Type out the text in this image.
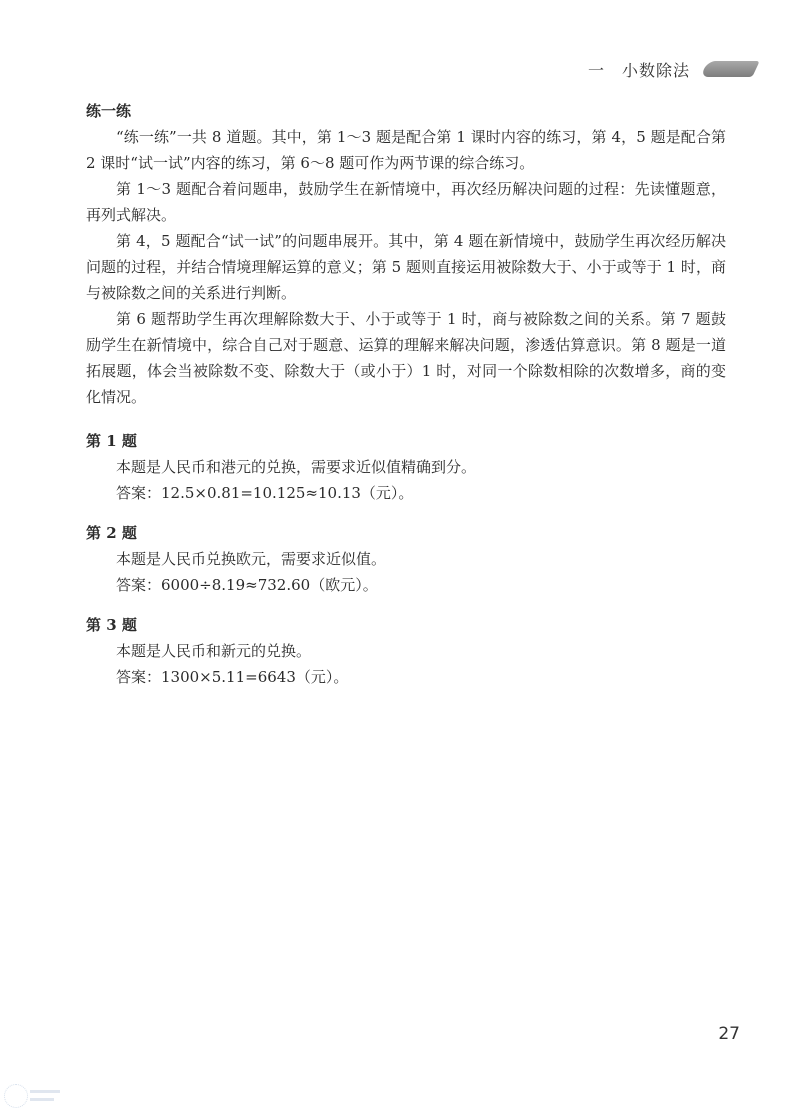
一　小数除法

练一练

“练一练”一共 8 道题。其中，第 1～3 题是配合第 1 课时内容的练习，第 4，5 题是配合第 2 课时“试一试”内容的练习，第 6～8 题可作为两节课的综合练习。

第 1～3 题配合着问题串，鼓励学生在新情境中，再次经历解决问题的过程：先读懂题意，再列式解决。

第 4，5 题配合“试一试”的问题串展开。其中，第 4 题在新情境中，鼓励学生再次经历解决问题的过程，并结合情境理解运算的意义；第 5 题则直接运用被除数大于、小于或等于 1 时，商与被除数之间的关系进行判断。

第 6 题帮助学生再次理解除数大于、小于或等于 1 时，商与被除数之间的关系。第 7 题鼓励学生在新情境中，综合自己对于题意、运算的理解来解决问题，渗透估算意识。第 8 题是一道拓展题，体会当被除数不变、除数大于（或小于）1 时，对同一个除数相除的次数增多，商的变化情况。

第 1 题

本题是人民币和港元的兑换，需要求近似值精确到分。

答案：12.5×0.81=10.125≈10.13（元）。

第 2 题

本题是人民币兑换欧元，需要求近似值。

答案：6000÷8.19≈732.60（欧元）。

第 3 题

本题是人民币和新元的兑换。

答案：1300×5.11=6643（元）。

27
